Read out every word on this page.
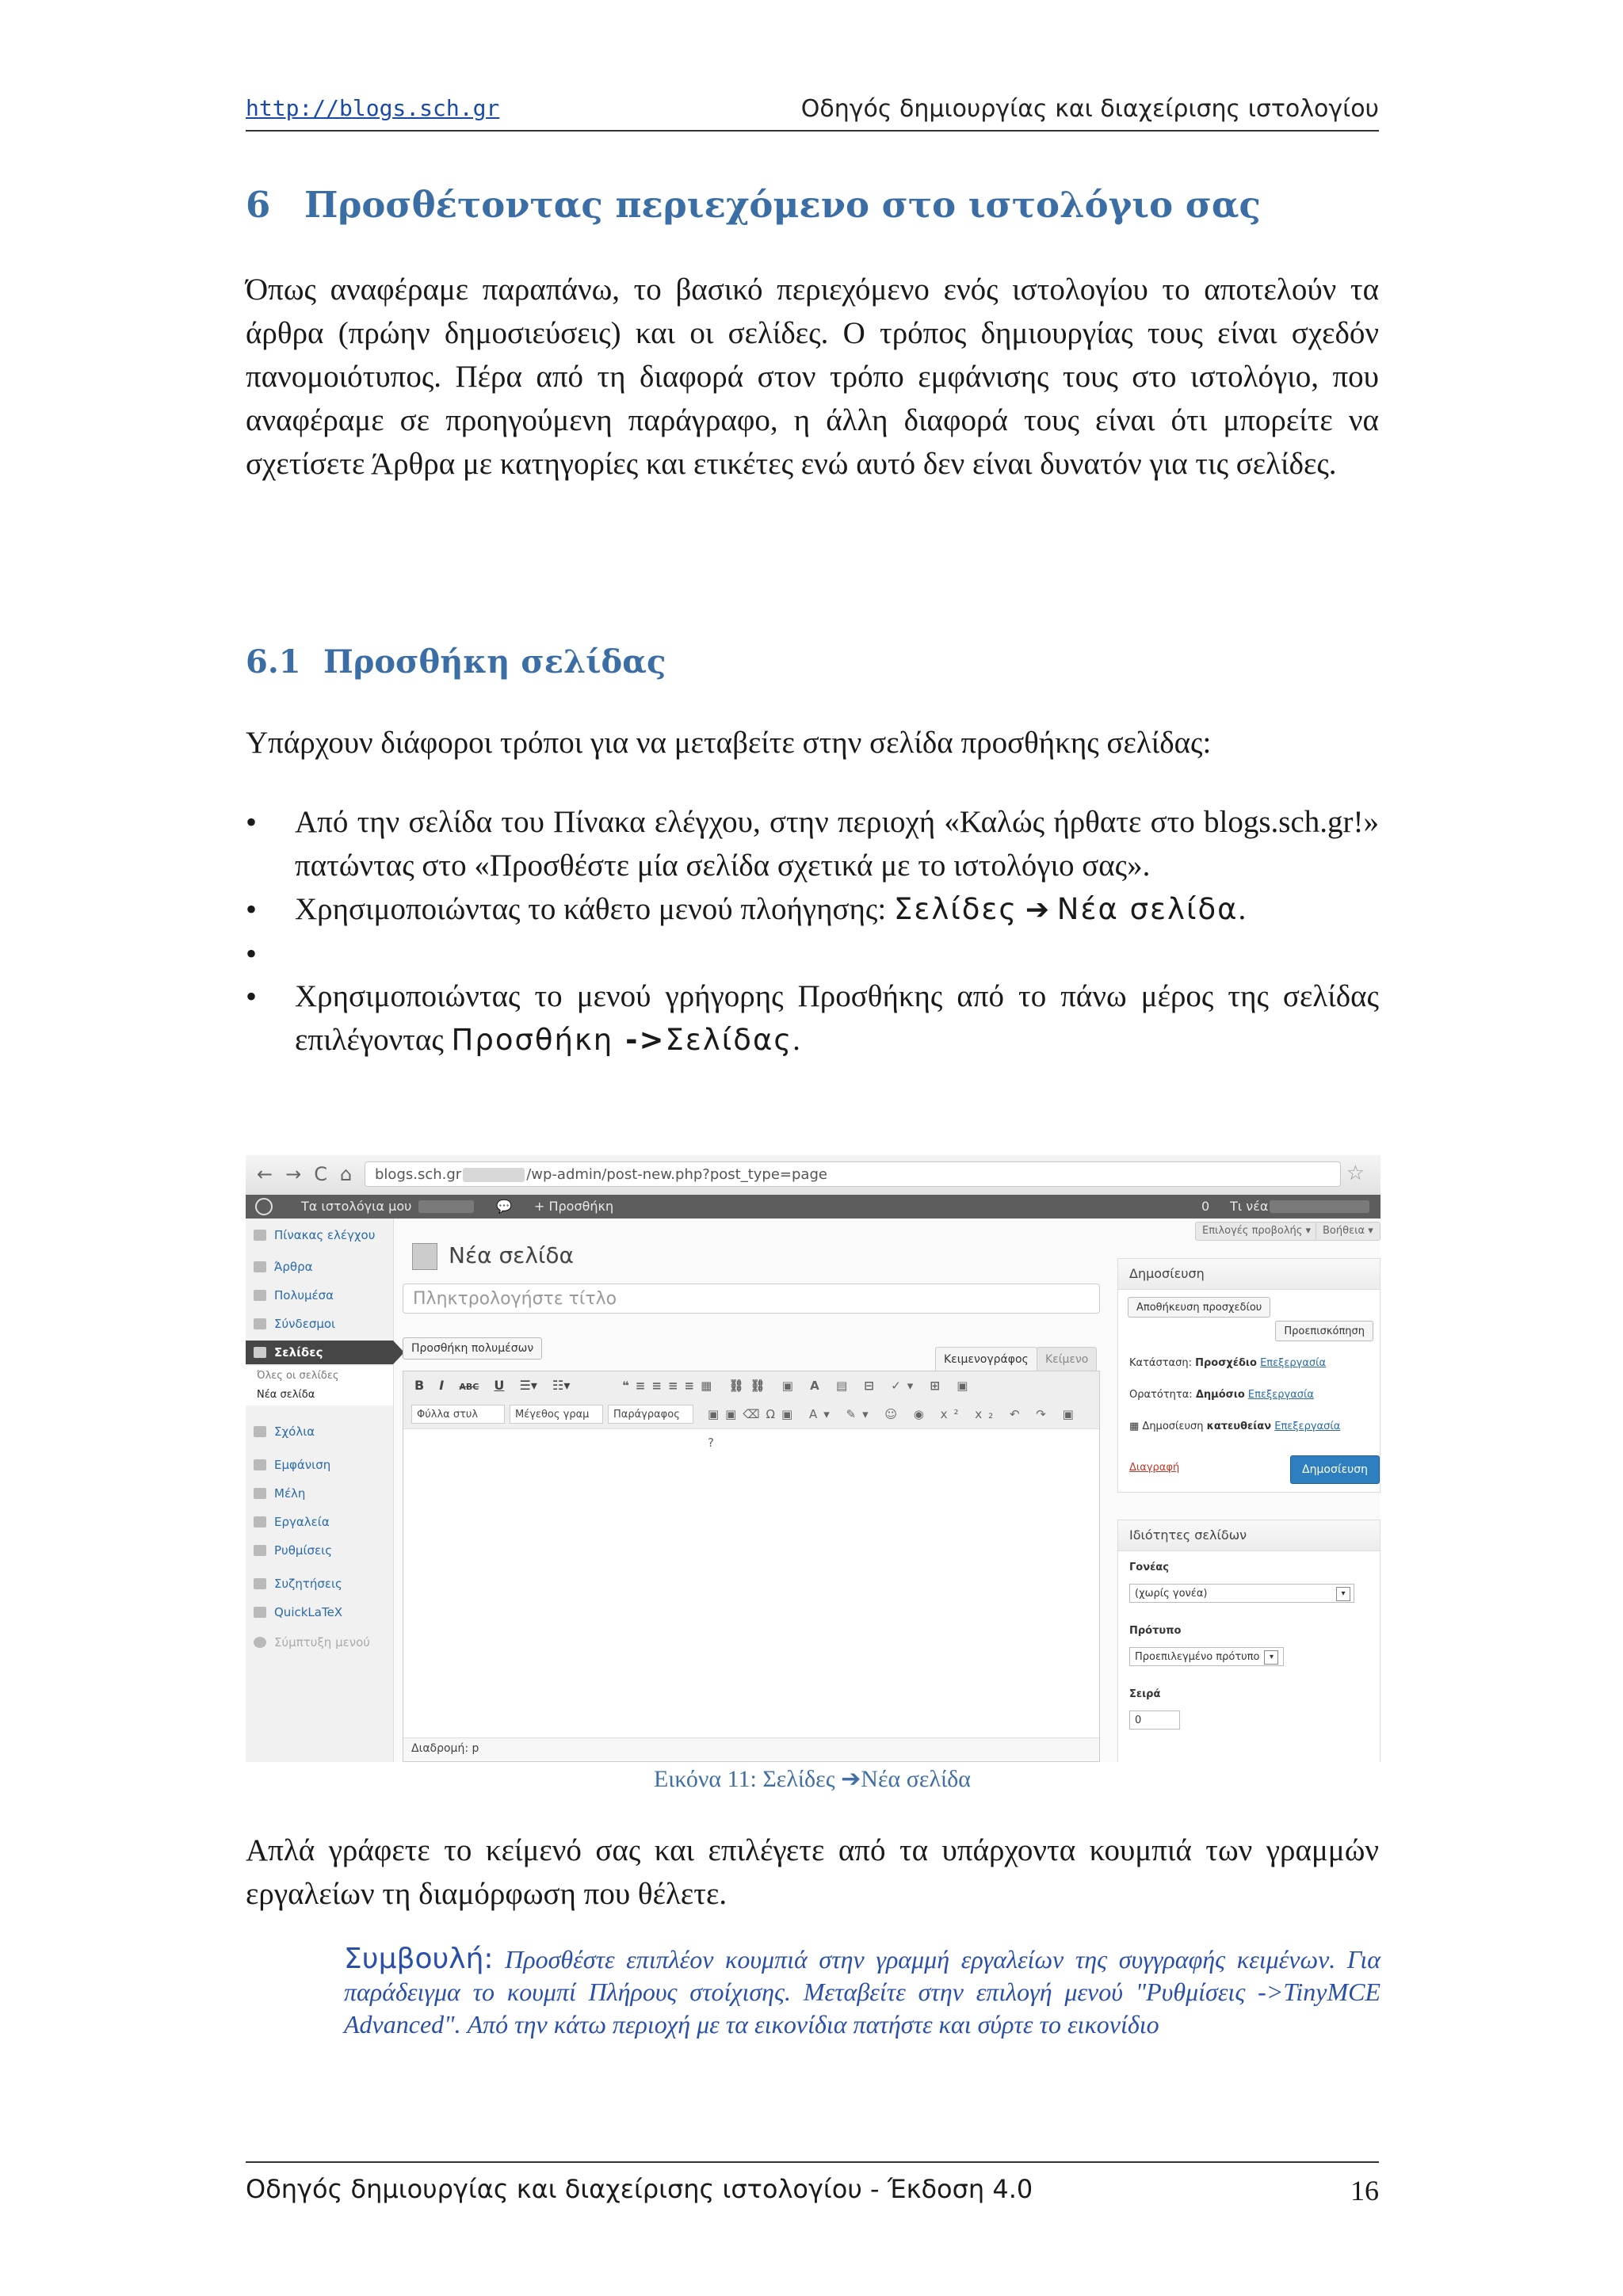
http://blogs.sch.gr	Οδηγός δημιουργίας και διαχείρισης ιστολογίου
6 Προσθέτοντας περιεχόμενο στο ιστολόγιο σας

Όπως αναφέραμε παραπάνω, το βασικό περιεχόμενο ενός ιστολογίου το αποτελούν τα άρθρα (πρώην δημοσιεύσεις) και οι σελίδες. Ο τρόπος δημιουργίας τους είναι σχεδόν πανομοιότυπος. Πέρα από τη διαφορά στον τρόπο εμφάνισης τους στο ιστολόγιο, που αναφέραμε σε προηγούμενη παράγραφο, η άλλη διαφορά τους είναι ότι μπορείτε να σχετίσετε Άρθρα με κατηγορίες και ετικέτες ενώ αυτό δεν είναι δυνατόν για τις σελίδες.

6.1 Προσθήκη σελίδας

Υπάρχουν διάφοροι τρόποι για να μεταβείτε στην σελίδα προσθήκης σελίδας:

• Από την σελίδα του Πίνακα ελέγχου, στην περιοχή «Καλώς ήρθατε στο blogs.sch.gr!» πατώντας στο «Προσθέστε μία σελίδα σχετικά με το ιστολόγιο σας».
• Χρησιμοποιώντας το κάθετο μενού πλοήγησης: Σελίδες ➔ Νέα σελίδα.
•
• Χρησιμοποιώντας το μενού γρήγορης Προσθήκης από το πάνω μέρος της σελίδας επιλέγοντας Προσθήκη ->Σελίδας.
←→C⌂ blogs.sch.gr	/wp-admin/post-new.php?post_type=page	☆
Τα ιστολόγια μου	💬 + Προσθήκη	0 Τι νέα
Πίνακας ελέγχου
Άρθρα
Πολυμέσα
Σύνδεσμοι
Σελίδες
Όλες οι σελίδες
Νέα σελίδα
Σχόλια
Εμφάνιση
Μέλη
Εργαλεία
Ρυθμίσεις
Συζητήσεις
QuickLaTeX
Σύμπτυξη μενού
Επιλογές προβολής ▾	Βοήθεια ▾
Νέα σελίδα
Πληκτρολογήστε τίτλο
Προσθήκη πολυμέσων
Κειμενογράφος	Κείμενο
B I ABC U ☰▾ ☷▾	❝≡≡≡≡▦ ⛓⛓ ▣ A ▤ ⊟ ✓▾ ⊞ ▣
Φύλλα στυλ	Μέγεθος γραμ	Παράγραφος	▣▣⌫Ω▣ A▾ ✎▾ ☺ ◉ x² x₂ ↶ ↷ ▣ ?
Διαδρομή: p
Δημοσίευση
Αποθήκευση προσχεδίου
Προεπισκόπηση
Κατάσταση: Προσχέδιο Επεξεργασία
Ορατότητα: Δημόσιο Επεξεργασία
▦ Δημοσίευση κατευθείαν Επεξεργασία
Διαγραφή	Δημοσίευση
Ιδιότητες σελίδων
Γονέας
(χωρίς γονέα)	▾
Πρότυπο
Προεπιλεγμένο πρότυπο ▾
Σειρά
0
Εικόνα 11: Σελίδες ➔Νέα σελίδα

Απλά γράφετε το κείμενό σας και επιλέγετε από τα υπάρχοντα κουμπιά των γραμμών εργαλείων τη διαμόρφωση που θέλετε.

Συμβουλή: Προσθέστε επιπλέον κουμπιά στην γραμμή εργαλείων της συγγραφής κειμένων. Για παράδειγμα το κουμπί Πλήρους στοίχισης. Μεταβείτε στην επιλογή μενού "Ρυθμίσεις ->TinyMCE Advanced". Από την κάτω περιοχή με τα εικονίδια πατήστε και σύρτε το εικονίδιο

Οδηγός δημιουργίας και διαχείρισης ιστολογίου - Έκδοση 4.0	16
